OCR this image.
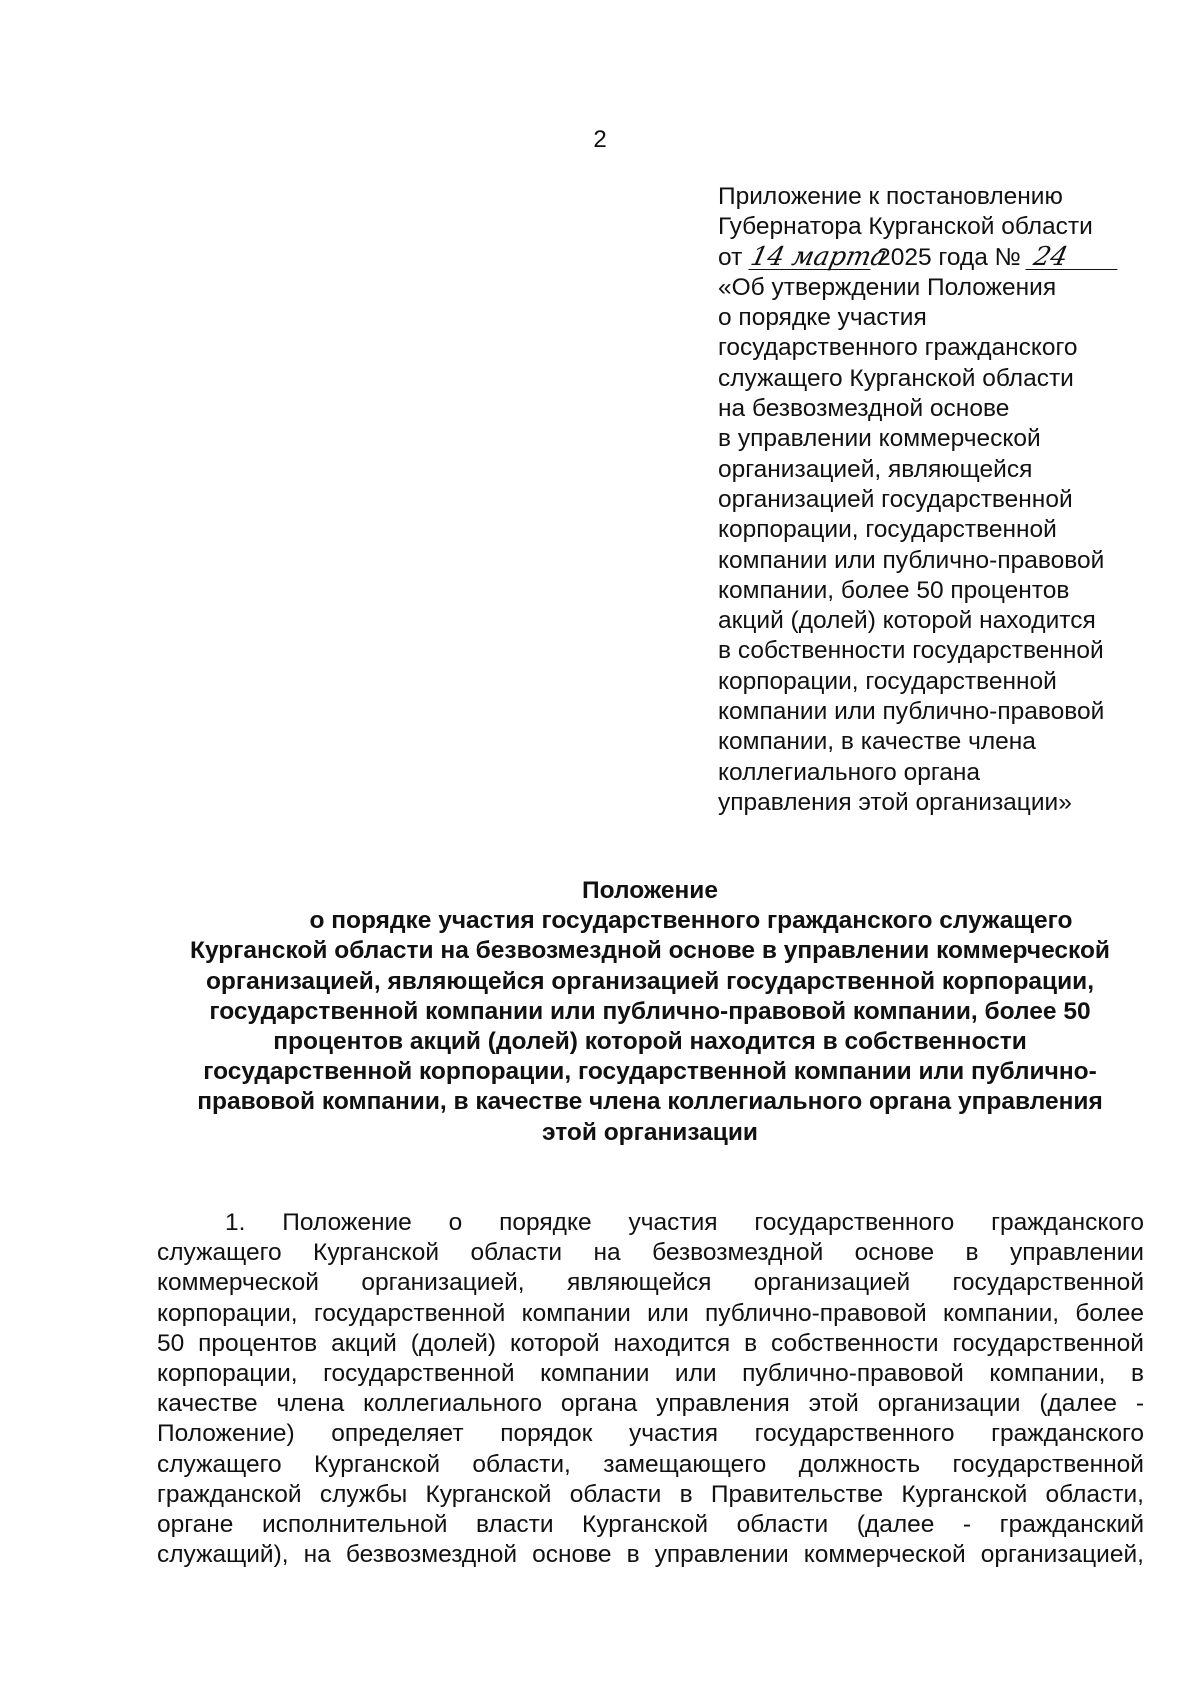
2
Приложение к постановлению
Губернатора Курганской области
от 14 марта2025 года № 24
«Об утверждении Положения
о порядке участия
государственного гражданского
служащего Курганской области
на безвозмездной основе
в управлении коммерческой
организацией, являющейся
организацией государственной
корпорации, государственной
компании или публично-правовой
компании, более 50 процентов
акций (долей) которой находится
в собственности государственной
корпорации, государственной
компании или публично-правовой
компании, в качестве члена
коллегиального органа
управления этой организации»
Положение
о порядке участия государственного гражданского служащего
Курганской области на безвозмездной основе в управлении коммерческой
организацией, являющейся организацией государственной корпорации,
государственной компании или публично-правовой компании, более 50
процентов акций (долей) которой находится в собственности
государственной корпорации, государственной компании или публично-
правовой компании, в качестве члена коллегиального органа управления
этой организации
1. Положение о порядке участия государственного гражданского
служащего Курганской области на безвозмездной основе в управлении
коммерческой организацией, являющейся организацией государственной
корпорации, государственной компании или публично-правовой компании, более
50 процентов акций (долей) которой находится в собственности государственной
корпорации, государственной компании или публично-правовой компании, в
качестве члена коллегиального органа управления этой организации (далее -
Положение) определяет порядок участия государственного гражданского
служащего Курганской области, замещающего должность государственной
гражданской службы Курганской области в Правительстве Курганской области,
органе исполнительной власти Курганской области (далее - гражданский
служащий), на безвозмездной основе в управлении коммерческой организацией,
